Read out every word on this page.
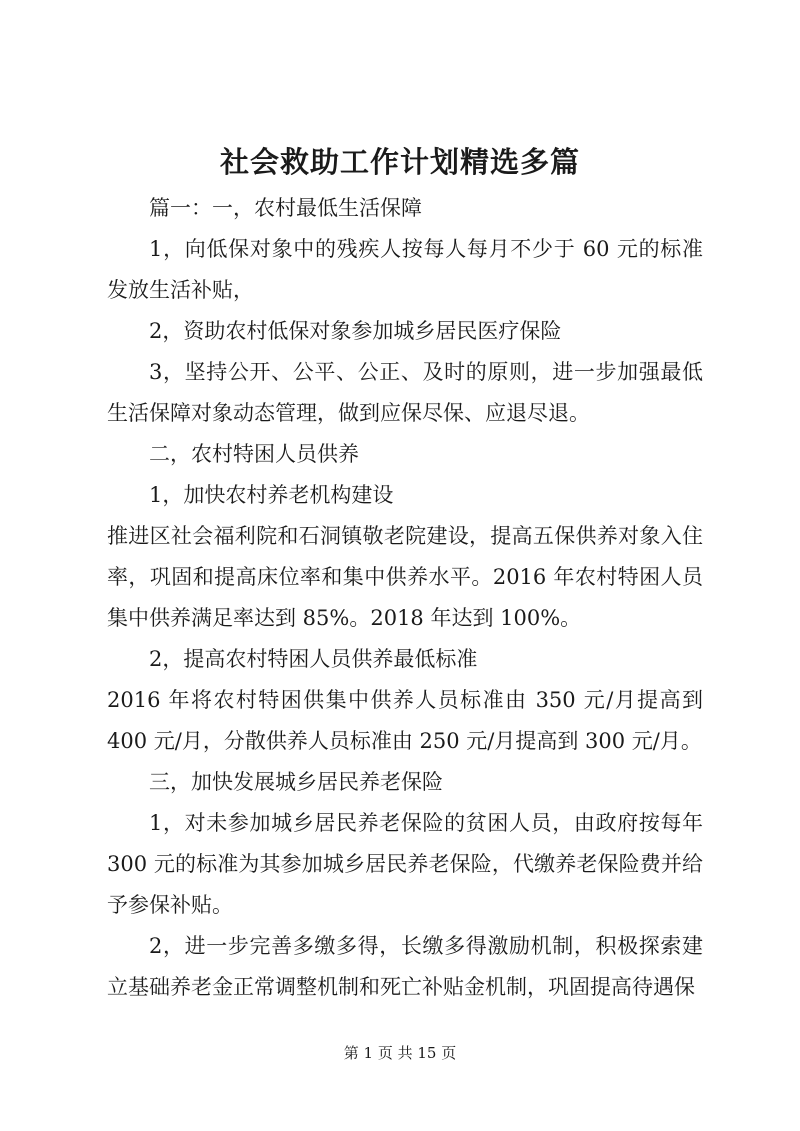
社会救助工作计划精选多篇

篇一：一，农村最低生活保障

1，向低保对象中的残疾人按每人每月不少于 60 元的标准发放生活补贴，

2，资助农村低保对象参加城乡居民医疗保险

3，坚持公开、公平、公正、及时的原则，进一步加强最低生活保障对象动态管理，做到应保尽保、应退尽退。

二，农村特困人员供养

1，加快农村养老机构建设

推进区社会福利院和石洞镇敬老院建设，提高五保供养对象入住率，巩固和提高床位率和集中供养水平。2016 年农村特困人员集中供养满足率达到 85%。2018 年达到 100%。

2，提高农村特困人员供养最低标准

2016 年将农村特困供集中供养人员标准由 350 元/月提高到 400 元/月，分散供养人员标准由 250 元/月提高到 300 元/月。

三，加快发展城乡居民养老保险

1，对未参加城乡居民养老保险的贫困人员，由政府按每年 300 元的标准为其参加城乡居民养老保险，代缴养老保险费并给予参保补贴。

2，进一步完善多缴多得，长缴多得激励机制，积极探索建立基础养老金正常调整机制和死亡补贴金机制，巩固提高待遇保

第 1 页 共 15 页
